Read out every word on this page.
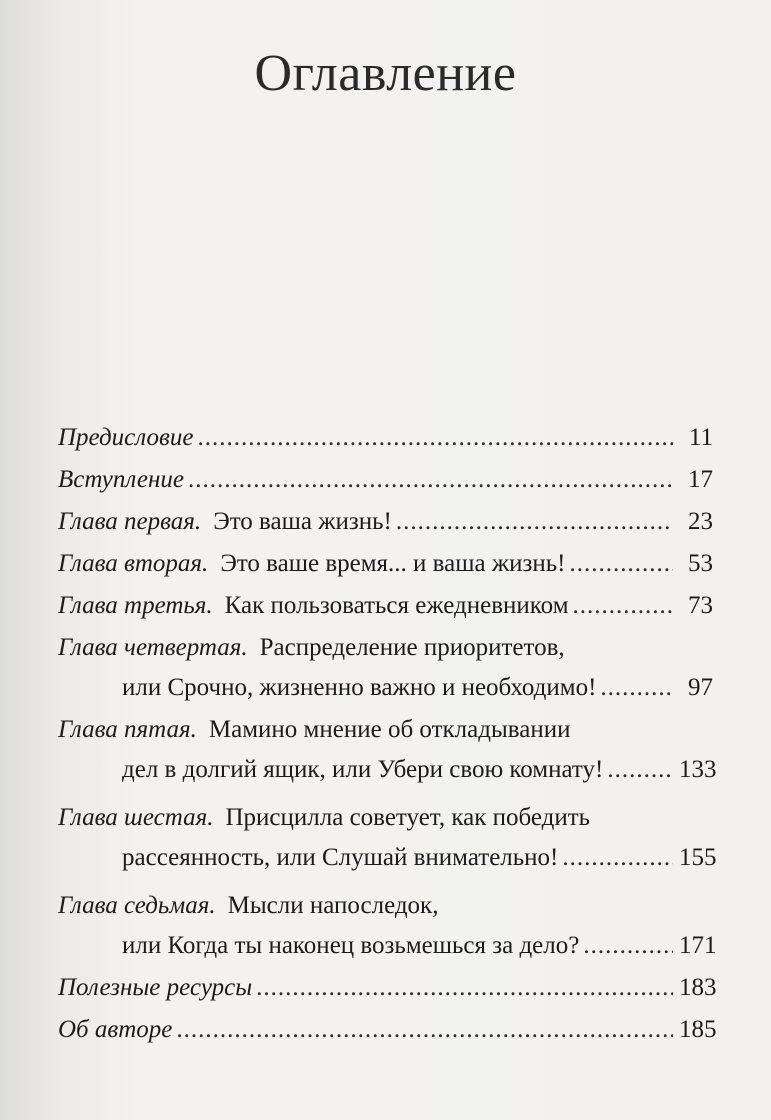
Оглавление
Предисловие .....	11
Вступление .....	17
Глава первая. Это ваша жизнь! .....	23
Глава вторая. Это ваше время... и ваша жизнь! .....	53
Глава третья. Как пользоваться ежедневником .....	73
Глава четвертая. Распределение приоритетов,
или Срочно, жизненно важно и необходимо! .....	97
Глава пятая. Мамино мнение об откладывании
дел в долгий ящик, или Убери свою комнату! .....	133
Глава шестая. Присцилла советует, как победить
рассеянность, или Слушай внимательно! .....	155
Глава седьмая. Мысли напоследок,
или Когда ты наконец возьмешься за дело? .....	171
Полезные ресурсы .....	183
Об авторе .....	185
